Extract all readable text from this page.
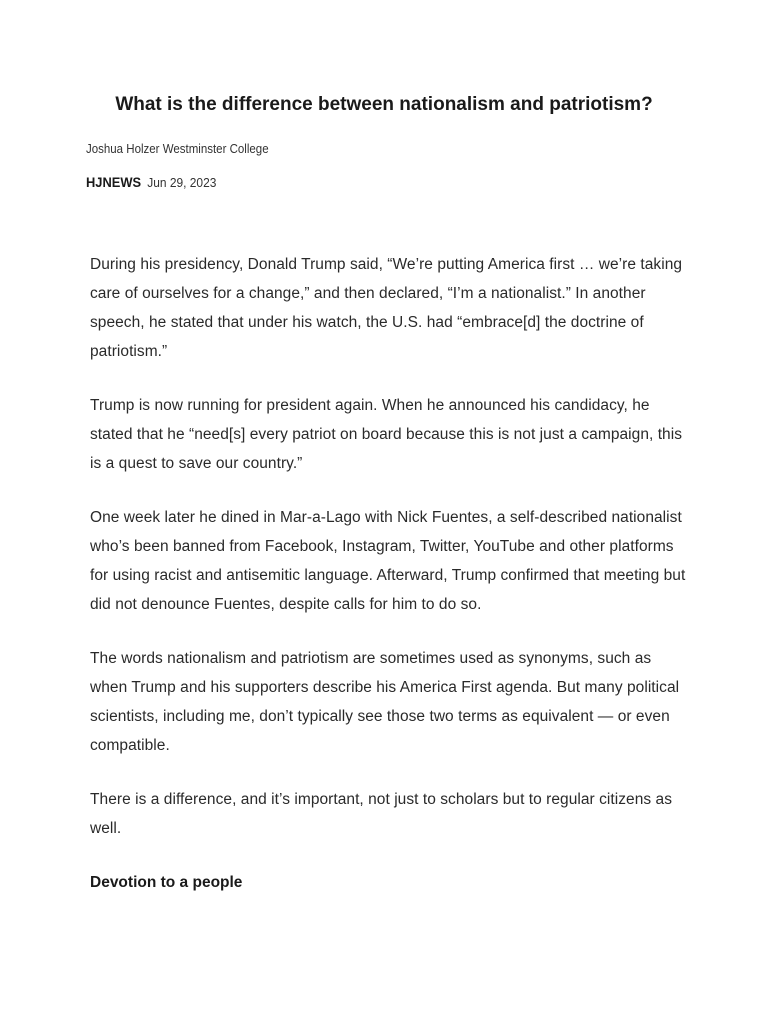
What is the difference between nationalism and patriotism?
Joshua Holzer Westminster College
HJNEWS Jun 29, 2023

During his presidency, Donald Trump said, “We’re putting America first … we’re taking care of ourselves for a change,” and then declared, “I’m a nationalist.” In another speech, he stated that under his watch, the U.S. had “embrace[d] the doctrine of patriotism.”

Trump is now running for president again. When he announced his candidacy, he stated that he “need[s] every patriot on board because this is not just a campaign, this is a quest to save our country.”

One week later he dined in Mar-a-Lago with Nick Fuentes, a self-described nationalist who’s been banned from Facebook, Instagram, Twitter, YouTube and other platforms for using racist and antisemitic language. Afterward, Trump confirmed that meeting but did not denounce Fuentes, despite calls for him to do so.

The words nationalism and patriotism are sometimes used as synonyms, such as when Trump and his supporters describe his America First agenda. But many political scientists, including me, don’t typically see those two terms as equivalent — or even compatible.

There is a difference, and it’s important, not just to scholars but to regular citizens as well.

Devotion to a people
